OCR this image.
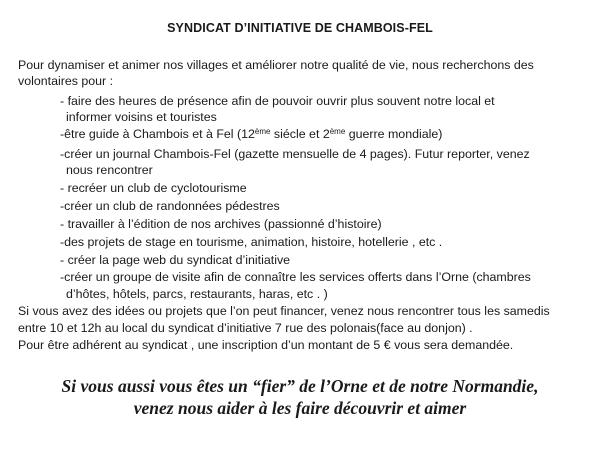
SYNDICAT D’INITIATIVE DE CHAMBOIS-FEL
Pour dynamiser et animer nos villages et améliorer notre qualité de vie, nous recherchons des
volontaires pour :
- faire des heures de présence afin de pouvoir ouvrir plus souvent notre local et
informer voisins et touristes
-être guide à Chambois et à Fel (12ème siécle et 2ème guerre mondiale)
-créer un journal Chambois-Fel (gazette mensuelle de 4 pages). Futur reporter, venez
nous rencontrer
- recréer un club de cyclotourisme
-créer un club de randonnées pédestres
- travailler à l’édition de nos archives (passionné d’histoire)
-des projets de stage en tourisme, animation, histoire, hotellerie , etc .
- créer la page web du syndicat d’initiative
-créer un groupe de visite afin de connaître les services offerts dans l’Orne (chambres
d’hôtes, hôtels, parcs, restaurants, haras, etc . )
Si vous avez des idées ou projets que l’on peut financer, venez nous rencontrer tous les samedis
entre 10 et 12h au local du syndicat d’initiative 7 rue des polonais(face au donjon) .
Pour être adhérent au syndicat , une inscription d’un montant de 5 € vous sera demandée.
Si vous aussi vous êtes un “fier” de l’Orne et de notre Normandie,
venez nous aider à les faire découvrir et aimer
